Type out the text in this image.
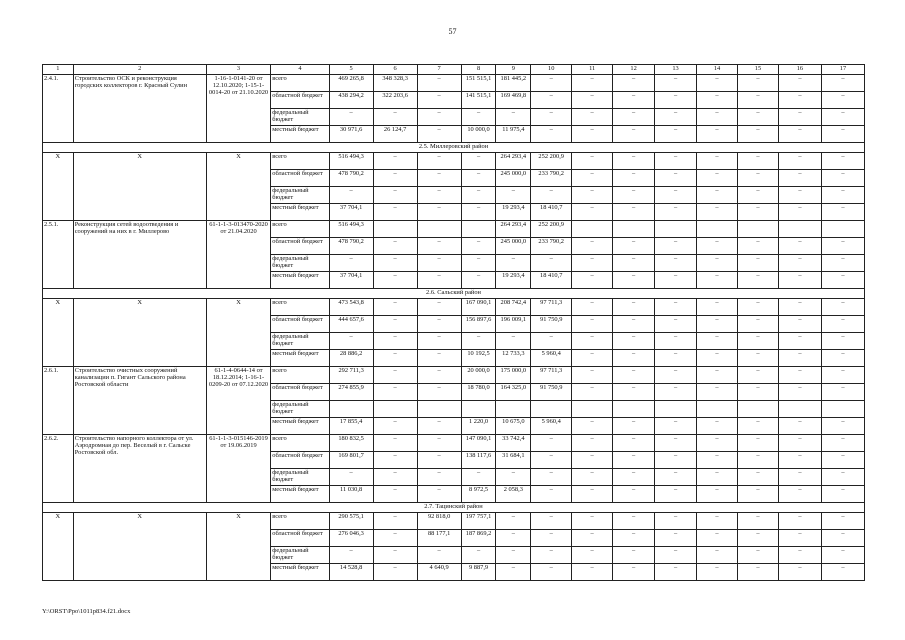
57
1	2	3	4	5	6	7	8	9	10	11	12	13	14	15	16	17
2.4.1.	Строительство ОСК и реконструкция городских коллекторов г. Красный Сулин	1-16-1-0141-20 от 12.10.2020; 1-15-1-0014-20 от 21.10.2020	всего	469 265,8	348 328,3	–	151 515,1	181 445,2	–	–	–	–	–	–	–	–
			областной бюджет	438 294,2	322 203,6	–	141 515,1	169 469,8	–	–	–	–	–	–	–	–
			федеральный бюджет	–	–	–	–	–	–	–	–	–	–	–	–	–
			местный бюджет	30 971,6	26 124,7	–	10 000,0	11 975,4	–	–	–	–	–	–	–	–
2.5. Миллеровский район																
Х	Х	Х	всего	516 494,3	–	–	–	264 293,4	252 200,9	–	–	–	–	–	–	–
			областной бюджет	478 790,2	–	–	–	245 000,0	233 790,2	–	–	–	–	–	–	–
			федеральный бюджет	–	–	–	–	–	–	–	–	–	–	–	–	–
			местный бюджет	37 704,1	–	–	–	19 293,4	18 410,7	–	–	–	–	–	–	–
2.5.1.	Реконструкция сетей водоотведения и сооружений на них в г. Миллерово	61-1-1-3-013470-2020 от 21.04.2020	всего	516 494,3				264 293,4	252 200,9							
			областной бюджет	478 790,2	–	–	–	245 000,0	233 790,2	–	–	–	–	–	–	–
			федеральный бюджет	–	–	–	–	–	–	–	–	–	–	–	–	–
			местный бюджет	37 704,1	–	–	–	19 293,4	18 410,7	–	–	–	–	–	–	–
2.6. Сальский район																
Х	Х	Х	всего	473 543,8	–	–	167 090,1	208 742,4	97 711,3	–	–	–	–	–	–	–
			областной бюджет	444 657,6	–	–	156 897,6	196 009,1	91 750,9	–	–	–	–	–	–	–
			федеральный бюджет	–	–	–	–	–	–	–	–	–	–	–	–	–
			местный бюджет	28 886,2	–	–	10 192,5	12 733,3	5 960,4	–	–	–	–	–	–	–
2.6.1.	Строительство очистных сооружений канализации п. Гигант Сальского района Ростовской области	61-1-4-0644-14 от 18.12.2014; 1-16-1-0209-20 от 07.12.2020	всего	292 711,3	–	–	20 000,0	175 000,0	97 711,3	–	–	–	–	–	–	–
			областной бюджет	274 855,9	–	–	18 780,0	164 325,0	91 750,9	–	–	–	–	–	–	–
			федеральный бюджет													
			местный бюджет	17 855,4	–	–	1 220,0	10 675,0	5 960,4	–	–	–	–	–	–	–
2.6.2.	Строительство напорного коллектора от ул. Аэродромная до пер. Веселый в г. Сальске Ростовской обл.	61-1-1-3-015146-2019 от 19.06.2019	всего	180 832,5	–	–	147 090,1	33 742,4	–	–	–	–	–	–	–	–
			областной бюджет	169 801,7	–	–	138 117,6	31 684,1	–	–	–	–	–	–	–	–
			федеральный бюджет	–	–	–	–	–	–	–	–	–	–	–	–	–
			местный бюджет	11 030,8	–	–	8 972,5	2 058,3	–	–	–	–	–	–	–	–
2.7. Тацинский район																
Х	Х	Х	всего	290 575,1	–	92 818,0	197 757,1	–	–	–	–	–	–	–	–	–
			областной бюджет	276 046,3	–	88 177,1	187 869,2	–	–	–	–	–	–	–	–	–
			федеральный бюджет	–	–	–	–	–	–	–	–	–	–	–	–	–
			местный бюджет	14 528,8	–	4 640,9	9 887,9	–	–	–	–	–	–	–	–	–
Y:\ORST\Ppo\1011p834.f21.docx
